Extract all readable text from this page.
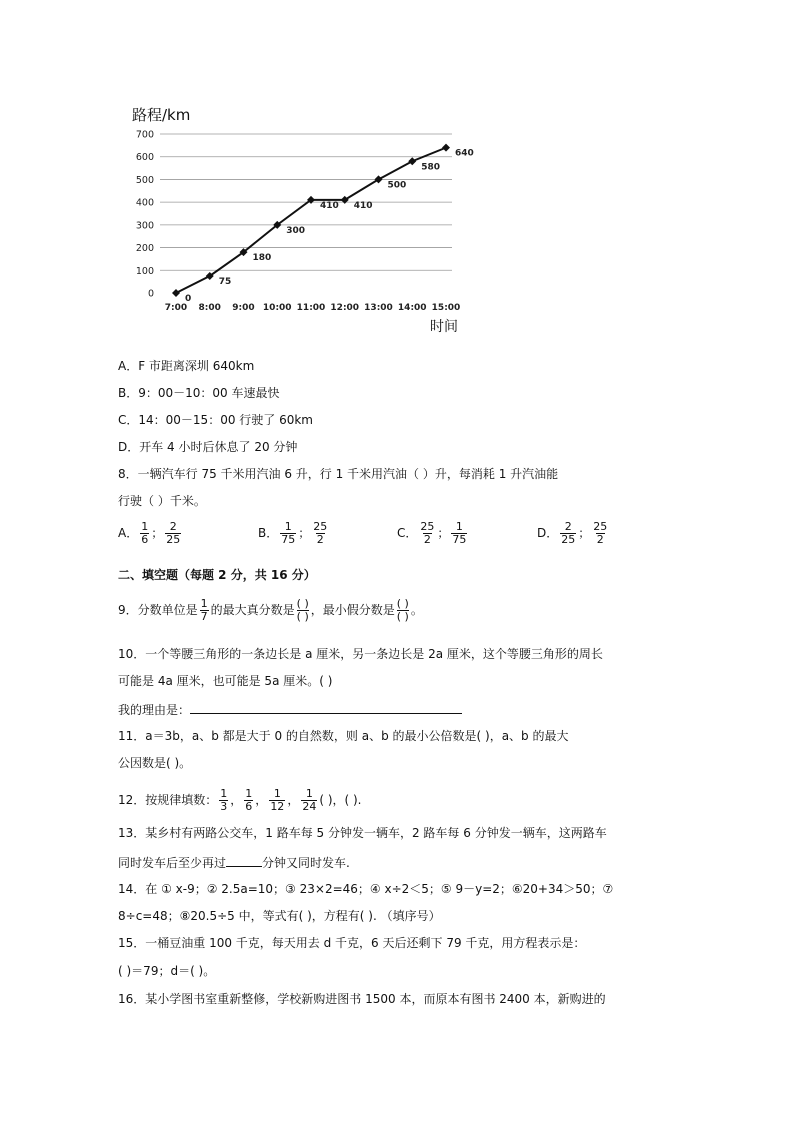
路程/km
0
100
200
300
400
500
600
700
7:00 8:00 9:00 10:00 11:00 12:00 13:00 14:00 15:00
0
75
180
300
410 410
500
580
640
时间
A．F 市距离深圳 640km
B．9：00－10：00 车速最快
C．14：00－15：00 行驶了 60km
D．开车 4 小时后休息了 20 分钟
8．一辆汽车行 75 千米用汽油 6 升，行 1 千米用汽油（ ）升，每消耗 1 升汽油能
行驶（ ）千米。
A． $\frac{1}{6}$ ； $\frac{2}{25}$	B． $\frac{1}{75}$ ； $\frac{25}{2}$	C． $\frac{25}{2}$ ； $\frac{1}{75}$	D． $\frac{2}{25}$ ； $\frac{25}{2}$
二、填空题（每题 2 分，共 16 分）
9．分数单位是 $\frac{1}{7}$ 的最大真分数是 ( )
( ) ，最小假分数是 ( )
( ) 。
10．一个等腰三角形的一条边长是 a 厘米，另一条边长是 2a 厘米，这个等腰三角形的周长
可能是 4a 厘米，也可能是 5a 厘米。( )
我的理由是：
11．a＝3b，a、b 都是大于 0 的自然数，则 a、b 的最小公倍数是( )，a、b 的最大
公因数是( )。
12．按规律填数： $\frac{1}{3}$ ， $\frac{1}{6}$ ， $\frac{1}{12}$ ， $\frac{1}{24}$ ( )，( ).
13．某乡村有两路公交车，1 路车每 5 分钟发一辆车，2 路车每 6 分钟发一辆车，这两路车
同时发车后至少再过	分钟又同时发车.
14．在 ① x-9；② 2.5a=10；③ 23×2=46；④ x÷2＜5；⑤ 9－y=2；⑥20+34＞50；⑦
8÷c=48；⑧20.5÷5 中，等式有( )，方程有( ). （填序号）
15．一桶豆油重 100 千克，每天用去 d 千克，6 天后还剩下 79 千克，用方程表示是：
( )＝79；d＝( )。
16．某小学图书室重新整修，学校新购进图书 1500 本，而原本有图书 2400 本，新购进的
